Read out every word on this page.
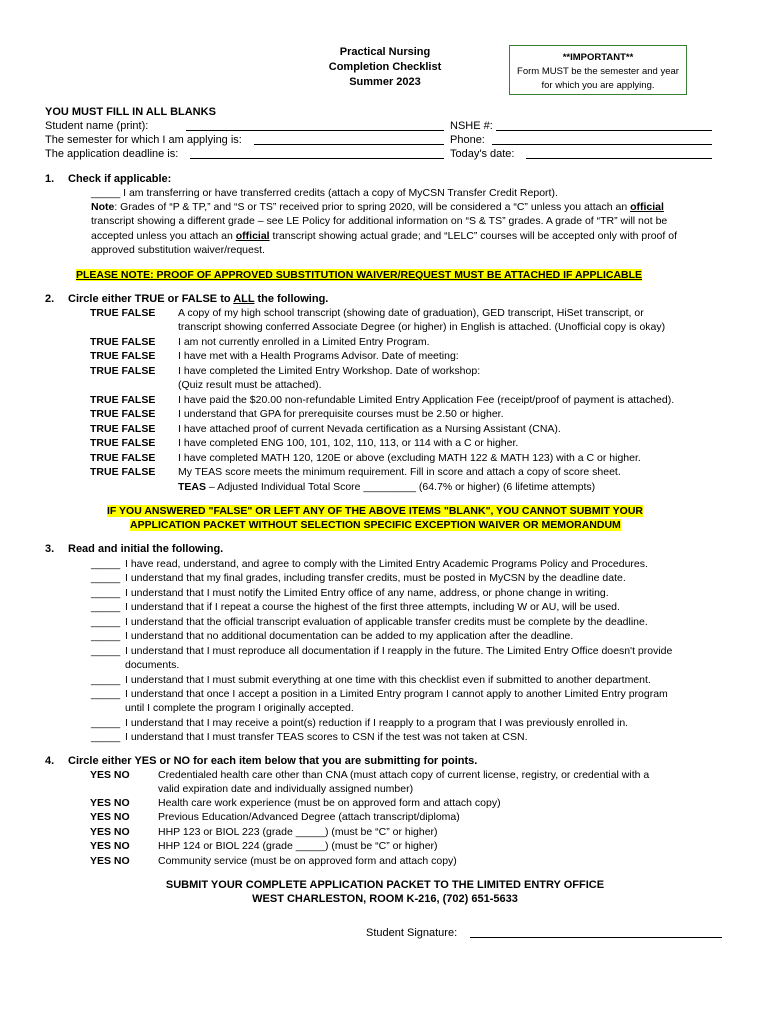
Practical Nursing
Completion Checklist
Summer 2023
**IMPORTANT**
Form MUST be the semester and year
for which you are applying.
YOU MUST FILL IN ALL BLANKS
Student name (print):	NSHE #:
The semester for which I am applying is:	Phone:
The application deadline is:	Today's date:
1. Check if applicable:
_____ I am transferring or have transferred credits (attach a copy of MyCSN Transfer Credit Report).
Note: Grades of “P & TP,” and “S or TS” received prior to spring 2020, will be considered a “C” unless you attach an official
transcript showing a different grade – see LE Policy for additional information on “S & TS” grades. A grade of “TR” will not be
accepted unless you attach an official transcript showing actual grade; and “LELC” courses will be accepted only with proof of
approved substitution waiver/request.
PLEASE NOTE: PROOF OF APPROVED SUBSTITUTION WAIVER/REQUEST MUST BE ATTACHED IF APPLICABLE
2. Circle either TRUE or FALSE to ALL the following.
TRUE FALSE A copy of my high school transcript (showing date of graduation), GED transcript, HiSet transcript, or
transcript showing conferred Associate Degree (or higher) in English is attached. (Unofficial copy is okay)
TRUE FALSE I am not currently enrolled in a Limited Entry Program.
TRUE FALSE I have met with a Health Programs Advisor. Date of meeting:
TRUE FALSE I have completed the Limited Entry Workshop. Date of workshop:
(Quiz result must be attached).
TRUE FALSE I have paid the $20.00 non-refundable Limited Entry Application Fee (receipt/proof of payment is attached).
TRUE FALSE I understand that GPA for prerequisite courses must be 2.50 or higher.
TRUE FALSE I have attached proof of current Nevada certification as a Nursing Assistant (CNA).
TRUE FALSE I have completed ENG 100, 101, 102, 110, 113, or 114 with a C or higher.
TRUE FALSE I have completed MATH 120, 120E or above (excluding MATH 122 & MATH 123) with a C or higher.
TRUE FALSE My TEAS score meets the minimum requirement. Fill in score and attach a copy of score sheet.
TEAS – Adjusted Individual Total Score _________ (64.7% or higher) (6 lifetime attempts)
IF YOU ANSWERED "FALSE" OR LEFT ANY OF THE ABOVE ITEMS "BLANK", YOU CANNOT SUBMIT YOUR
APPLICATION PACKET WITHOUT SELECTION SPECIFIC EXCEPTION WAIVER OR MEMORANDUM
3. Read and initial the following.
_____ I have read, understand, and agree to comply with the Limited Entry Academic Programs Policy and Procedures.
_____ I understand that my final grades, including transfer credits, must be posted in MyCSN by the deadline date.
_____ I understand that I must notify the Limited Entry office of any name, address, or phone change in writing.
_____ I understand that if I repeat a course the highest of the first three attempts, including W or AU, will be used.
_____ I understand that the official transcript evaluation of applicable transfer credits must be complete by the deadline.
_____ I understand that no additional documentation can be added to my application after the deadline.
_____ I understand that I must reproduce all documentation if I reapply in the future. The Limited Entry Office doesn't provide
documents.
_____ I understand that I must submit everything at one time with this checklist even if submitted to another department.
_____ I understand that once I accept a position in a Limited Entry program I cannot apply to another Limited Entry program
until I complete the program I originally accepted.
_____ I understand that I may receive a point(s) reduction if I reapply to a program that I was previously enrolled in.
_____ I understand that I must transfer TEAS scores to CSN if the test was not taken at CSN.
4. Circle either YES or NO for each item below that you are submitting for points.
YES NO	Credentialed health care other than CNA (must attach copy of current license, registry, or credential with a
valid expiration date and individually assigned number)
YES NO	Health care work experience (must be on approved form and attach copy)
YES NO	Previous Education/Advanced Degree (attach transcript/diploma)
YES NO	HHP 123 or BIOL 223 (grade _____) (must be “C” or higher)
YES NO	HHP 124 or BIOL 224 (grade _____) (must be “C” or higher)
YES NO	Community service (must be on approved form and attach copy)
SUBMIT YOUR COMPLETE APPLICATION PACKET TO THE LIMITED ENTRY OFFICE
WEST CHARLESTON, ROOM K-216, (702) 651-5633
Student Signature:
